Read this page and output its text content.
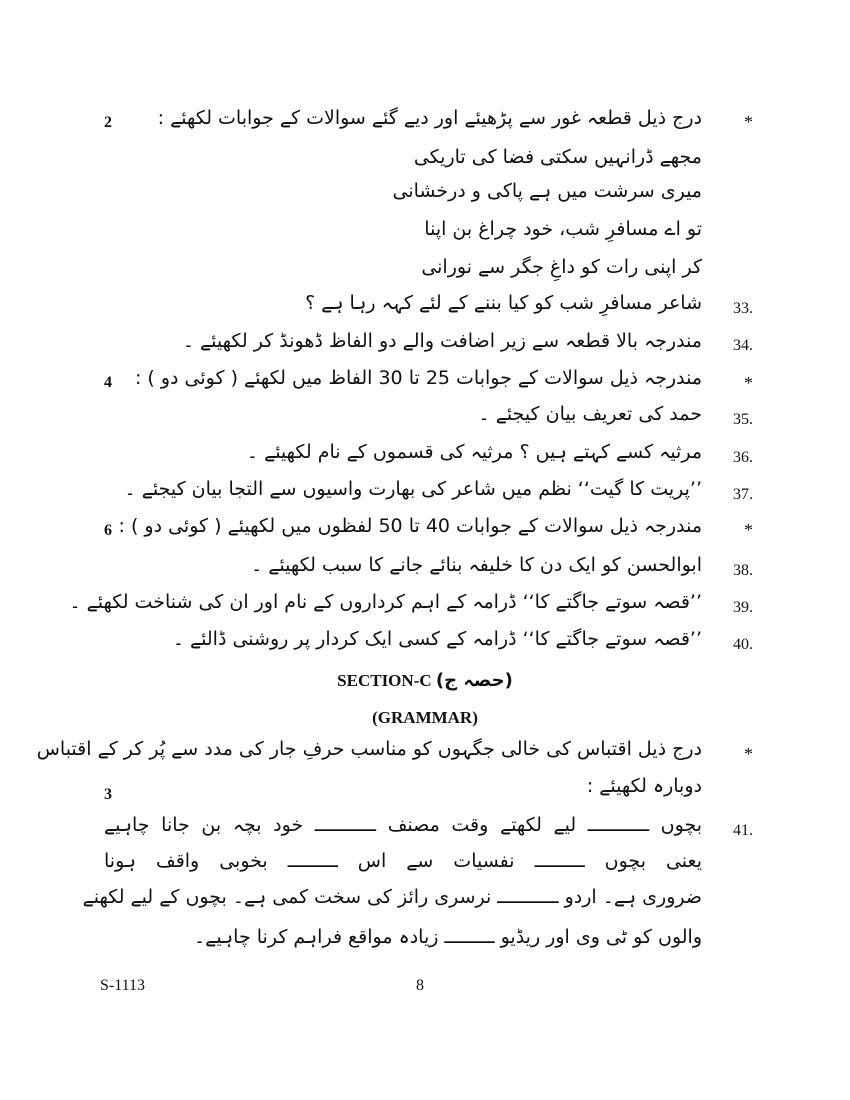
*
2 درج ذیل قطعہ غور سے پڑھیئے اور دیے گئے سوالات کے جوابات لکھئے :
مجھے ڈرانہیں سکتی فضا کی تاریکی
میری سرشت میں ہے پاکی و درخشانی
تو اے مسافرِ شب، خود چراغ بن اپنا
کر اپنی رات کو داغِ جگر سے نورانی
33.
شاعر مسافرِ شب کو کیا بننے کے لئے کہہ رہا ہے ؟
34.
مندرجہ بالا قطعہ سے زیر اضافت والے دو الفاظ ڈھونڈ کر لکھیئے ۔
*
4 مندرجہ ذیل سوالات کے جوابات 25 تا 30 الفاظ میں لکھئے ( کوئی دو ) :
35.
حمد کی تعریف بیان کیجئے ۔
36.
مرثیہ کسے کہتے ہیں ؟ مرثیہ کی قسموں کے نام لکھیئے ۔
37.
’’پریت کا گیت‘‘ نظم میں شاعر کی بھارت واسیوں سے التجا بیان کیجئے ۔
*
6 مندرجہ ذیل سوالات کے جوابات 40 تا 50 لفظوں میں لکھیئے ( کوئی دو ) :
38.
ابوالحسن کو ایک دن کا خلیفہ بنائے جانے کا سبب لکھیئے ۔
39.
’’قصہ سوتے جاگتے کا‘‘ ڈرامہ کے اہم کرداروں کے نام اور ان کی شناخت لکھئے ۔
40.
’’قصہ سوتے جاگتے کا‘‘ ڈرامہ کے کسی ایک کردار پر روشنی ڈالئے ۔
SECTION-C (حصہ ج)
(GRAMMAR)
*
درج ذیل اقتباس کی خالی جگہوں کو مناسب حرفِ جار کی مدد سے پُر کر کے اقتباس
دوبارہ لکھیئے :
3
41.
بچوں ـــــــــــ لیے لکھتے وقت مصنف ـــــــــــ خود بچہ بن جانا چاہیے
یعنی بچوں ـــــــــ نفسیات سے اس ـــــــــ بخوبی واقف ہونا
ضروری ہے۔ اردو ـــــــــــ نرسری رائز کی سخت کمی ہے۔ بچوں کے لیے لکھنے
والوں کو ٹی وی اور ریڈیو ـــــــــ زیادہ مواقع فراہم کرنا چاہیے۔
S-1113	8
